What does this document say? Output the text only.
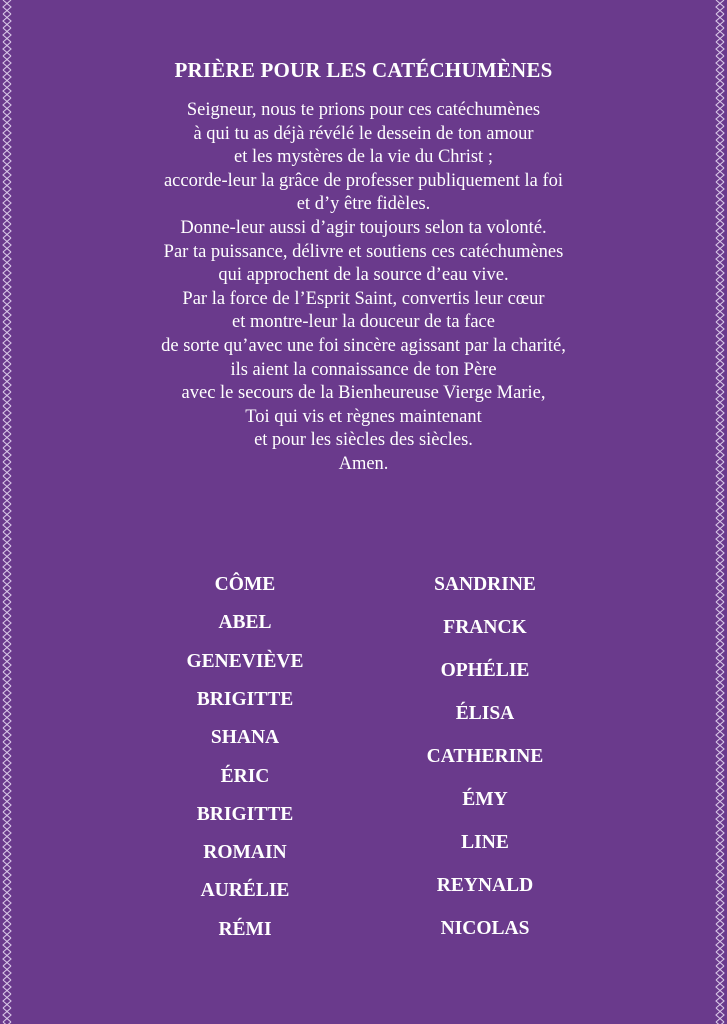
PRIÈRE POUR LES CATÉCHUMÈNES
Seigneur, nous te prions pour ces catéchumènes
à qui tu as déjà révélé le dessein de ton amour
et les mystères de la vie du Christ ;
accorde-leur la grâce de professer publiquement la foi
et d’y être fidèles.
Donne-leur aussi d’agir toujours selon ta volonté.
Par ta puissance, délivre et soutiens ces catéchumènes
qui approchent de la source d’eau vive.
Par la force de l’Esprit Saint, convertis leur cœur
et montre-leur la douceur de ta face
de sorte qu’avec une foi sincère agissant par la charité,
ils aient la connaissance de ton Père
avec le secours de la Bienheureuse Vierge Marie,
Toi qui vis et règnes maintenant
et pour les siècles des siècles.
Amen.
CÔME
ABEL
GENEVIÈVE
BRIGITTE
SHANA
ÉRIC
BRIGITTE
ROMAIN
AURÉLIE
RÉMI
SANDRINE
FRANCK
OPHÉLIE
ÉLISA
CATHERINE
ÉMY
LINE
REYNALD
NICOLAS
